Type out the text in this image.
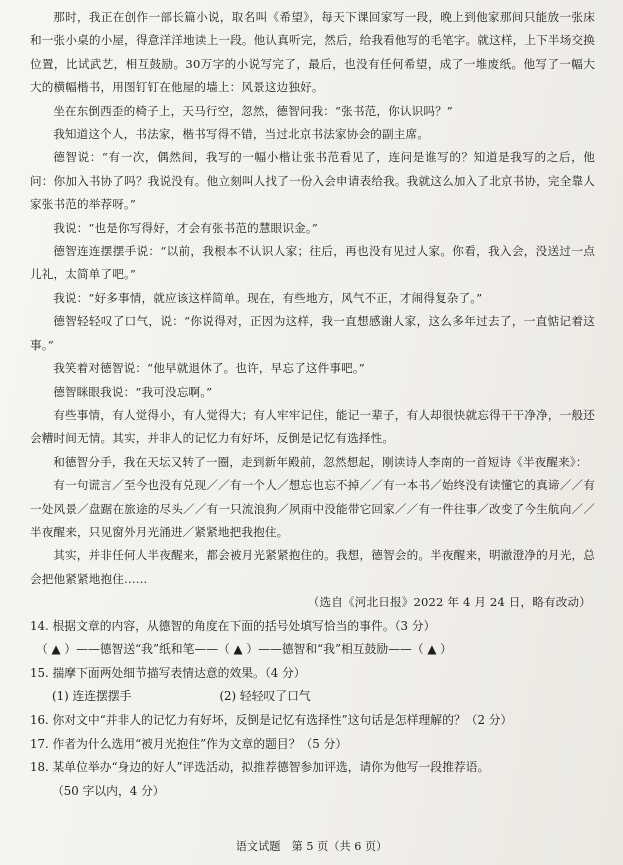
那时，我正在创作一部长篇小说，取名叫《希望》，每天下课回家写一段，晚上到他家那间只能放一张床和一张小桌的小屋，得意洋洋地读上一段。他认真听完，然后，给我看他写的毛笔字。就这样，上下半场交换位置，比试武艺，相互鼓励。30万字的小说写完了，最后，也没有任何希望，成了一堆废纸。他写了一幅大大的横幅楷书，用图钉钉在他屋的墙上：风景这边独好。

坐在东倒西歪的椅子上，天马行空，忽然，德智问我：“张书范，你认识吗？”

我知道这个人，书法家，楷书写得不错，当过北京书法家协会的副主席。

德智说：“有一次，偶然间，我写的一幅小楷让张书范看见了，连问是谁写的？知道是我写的之后，他问：你加入书协了吗？我说没有。他立刻叫人找了一份入会申请表给我。我就这么加入了北京书协，完全靠人家张书范的举荐呀。”

我说：“也是你写得好，才会有张书范的慧眼识金。”

德智连连摆摆手说：“以前，我根本不认识人家；往后，再也没有见过人家。你看，我入会，没送过一点儿礼，太简单了吧。”

我说：“好多事情，就应该这样简单。现在，有些地方，风气不正，才闹得复杂了。”

德智轻轻叹了口气，说：“你说得对，正因为这样，我一直想感谢人家，这么多年过去了，一直惦记着这事。”

我笑着对德智说：“他早就退休了。也许，早忘了这件事吧。”

德智眯眼我说：“我可没忘啊。”

有些事情，有人觉得小，有人觉得大；有人牢牢记住，能记一辈子，有人却很快就忘得干干净净，一般还会糟时间无情。其实，并非人的记忆力有好坏，反倒是记忆有选择性。

和德智分手，我在天坛又转了一圈，走到新年殿前，忽然想起，刚读诗人李南的一首短诗《半夜醒来》：

有一句谎言／至今也没有兑现／／有一个人／想忘也忘不掉／／有一本书／始终没有读懂它的真谛／／有一处风景／盘踞在旅途的尽头／／有一只流浪狗／夙雨中没能带它回家／／有一件往事／改变了今生航向／／半夜醒来，只见窗外月光涌进／紧紧地把我抱住。

其实，并非任何人半夜醒来，都会被月光紧紧抱住的。我想，德智会的。半夜醒来，明澈澄净的月光，总会把他紧紧地抱住……

（选自《河北日报》2022 年 4 月 24 日，略有改动）

14. 根据文章的内容，从德智的角度在下面的括号处填写恰当的事件。（3 分）

（ ▲ ）——德智送“我”纸和笔——（ ▲ ）——德智和“我”相互鼓励——（ ▲ ）

15. 揣摩下面两处细节描写表情达意的效果。（4 分）

(1) 连连摆摆手	(2) 轻轻叹了口气

16. 你对文中“并非人的记忆力有好坏，反倒是记忆有选择性”这句话是怎样理解的？（2 分）

17. 作者为什么选用“被月光抱住”作为文章的题目？（5 分）

18. 某单位举办“身边的好人”评选活动，拟推荐德智参加评选，请你为他写一段推荐语。

（50 字以内，4 分）

语文试题　第 5 页（共 6 页）
